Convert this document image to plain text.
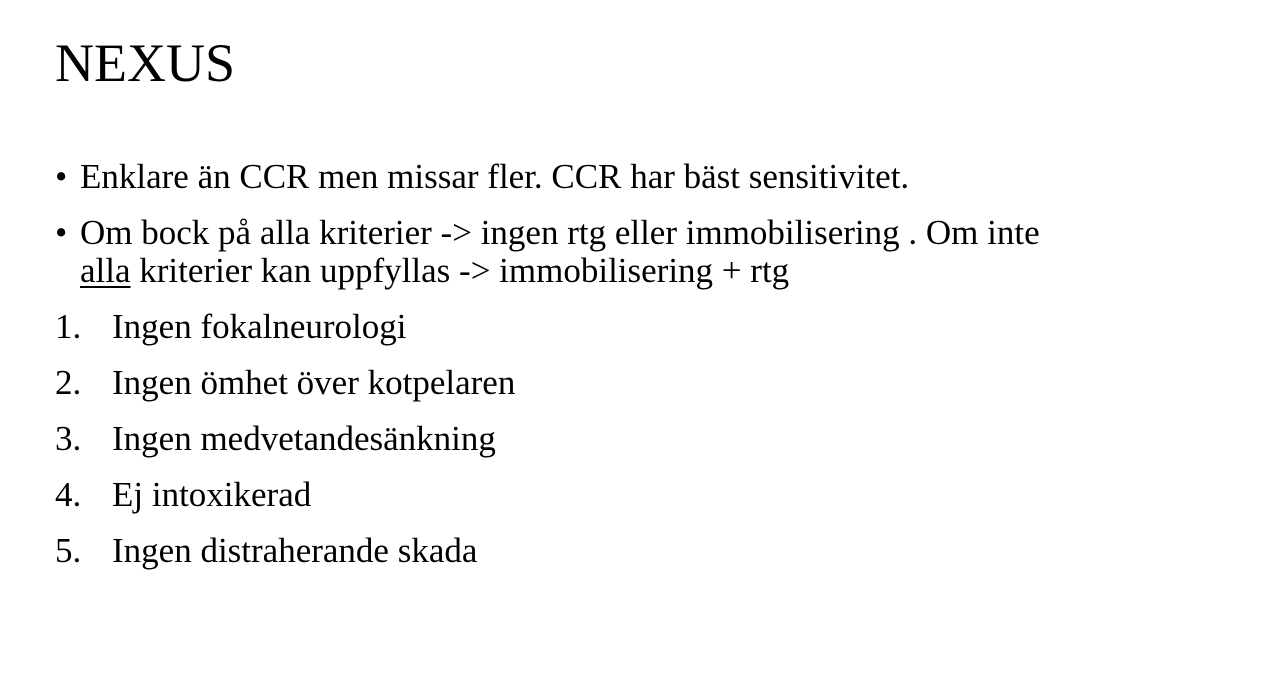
NEXUS
• Enklare än CCR men missar fler. CCR har bäst sensitivitet.
• Om bock på alla kriterier -> ingen rtg eller immobilisering . Om inte
alla kriterier kan uppfyllas -> immobilisering + rtg
1. Ingen fokalneurologi
2. Ingen ömhet över kotpelaren
3. Ingen medvetandesänkning
4. Ej intoxikerad
5. Ingen distraherande skada
